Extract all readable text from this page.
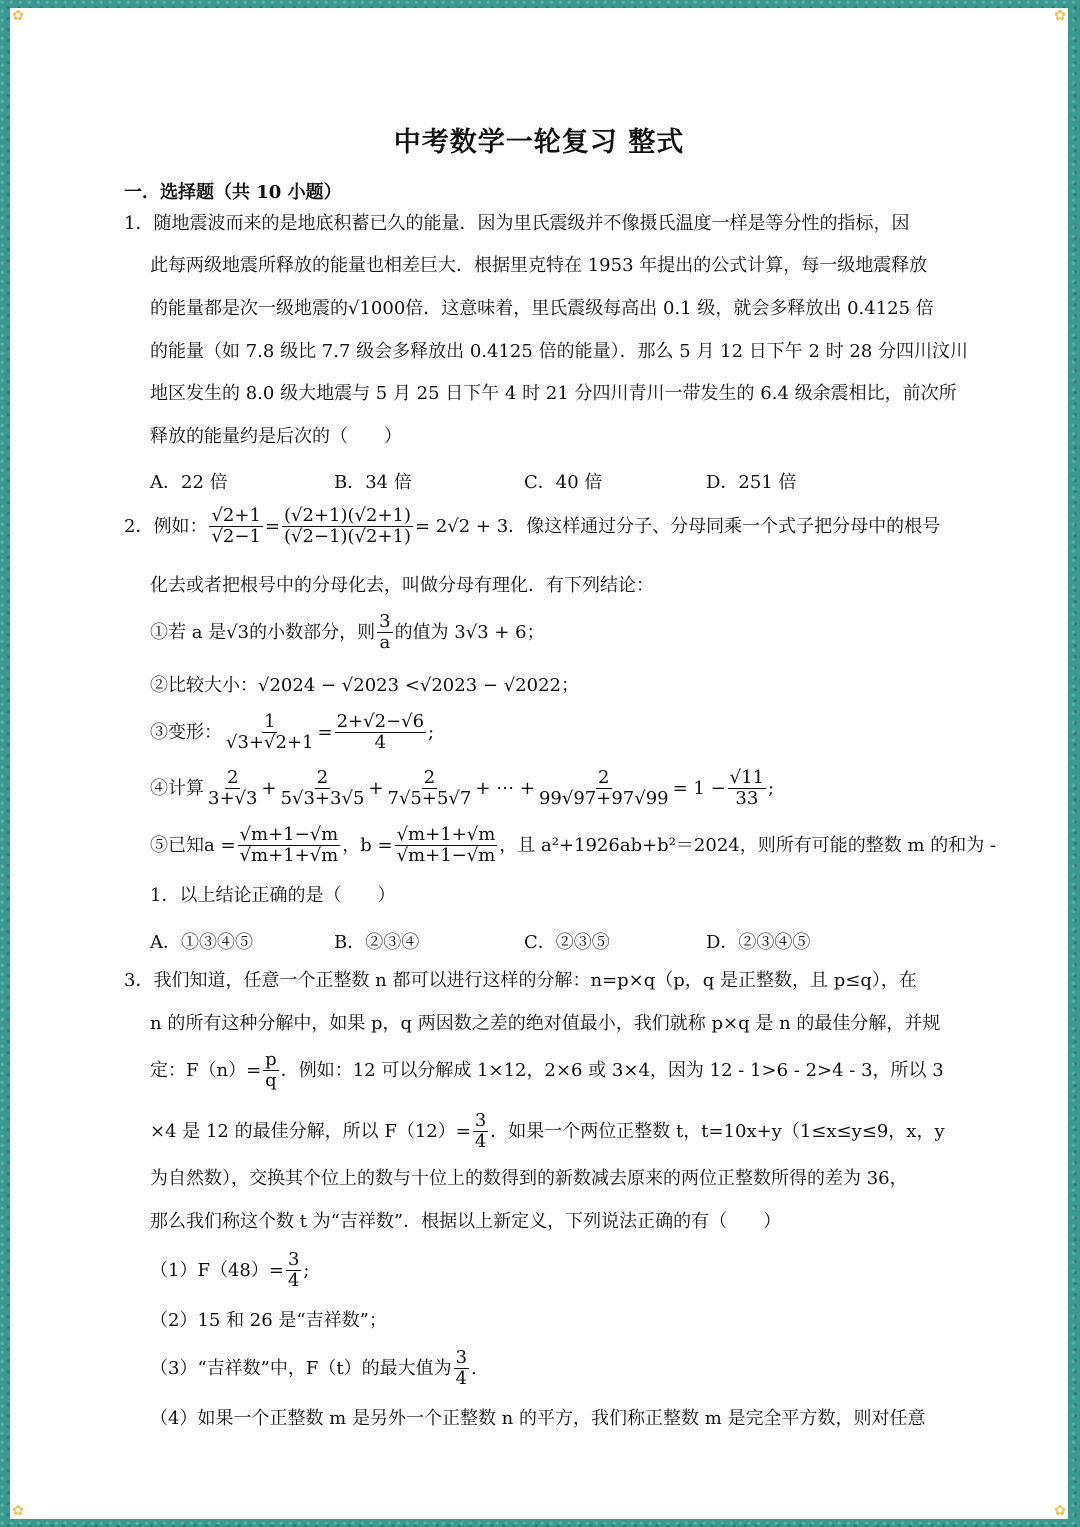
✿	✿
✿	✿
中考数学一轮复习 整式
一．选择题（共 10 小题）
1．随地震波而来的是地底积蓄已久的能量．因为里氏震级并不像摄氏温度一样是等分性的指标，因
此每两级地震所释放的能量也相差巨大．根据里克特在 1953 年提出的公式计算，每一级地震释放
的能量都是次一级地震的√1000倍．这意味着，里氏震级每高出 0.1 级，就会多释放出 0.4125 倍
的能量（如 7.8 级比 7.7 级会多释放出 0.4125 倍的能量）．那么 5 月 12 日下午 2 时 28 分四川汶川
地区发生的 8.0 级大地震与 5 月 25 日下午 4 时 21 分四川青川一带发生的 6.4 级余震相比，前次所
释放的能量约是后次的（　　）
A．22 倍	B．34 倍	C．40 倍	D．251 倍
2．例如： $\frac{√2+1}{√2-1} = \frac{(√2+1)(√2+1)}{(√2-1)(√2+1)} = 2√2 + 3$．像这样通过分子、分母同乘一个式子把分母中的根号
化去或者把根号中的分母化去，叫做分母有理化．有下列结论：
①若 a 是√3的小数部分，则 $\frac{3}{a}$ 的值为 3√3 + 6；
②比较大小：√2024 − √2023 <√2023 − √2022；
③变形： $\frac{1}{√3+√2+1} = \frac{2+√2-√6}{4}$ ;
④计算 $\frac{2}{3+√3} + \frac{2}{5√3+3√5} + \frac{2}{7√5+5√7}$ + ⋯ + $\frac{2}{99√97+97√99} = 1 - \frac{√11}{33}$ ;
⑤已知$a = \frac{√m+1-√m}{√m+1+√m}$ ，$b = \frac{√m+1+√m}{√m+1-√m}$ ，且 a²+1926ab+b²＝2024，则所有可能的整数 m 的和为 -
1．以上结论正确的是（　　）
A．①③④⑤	B．②③④	C．②③⑤	D．②③④⑤
3．我们知道，任意一个正整数 n 都可以进行这样的分解：n=p×q（p，q 是正整数，且 p≤q），在
n 的所有这种分解中，如果 p，q 两因数之差的绝对值最小，我们就称 p×q 是 n 的最佳分解，并规
定：$F(n)= \frac{p}{q}$ ．例如：12 可以分解成 1×12，2×6 或 3×4，因为 12 - 1>6 - 2>4 - 3，所以 3
×4 是 12 的最佳分解，所以 $F(12)= \frac{3}{4}$ ．如果一个两位正整数 t，t=10x+y（1≤x≤y≤9，x，y
为自然数），交换其个位上的数与十位上的数得到的新数减去原来的两位正整数所得的差为 36，
那么我们称这个数 t 为“吉祥数”．根据以上新定义，下列说法正确的有（　　）
$(1)F(48)= \frac{3}{4}$ ;
（2）15 和 26 是“吉祥数”；
（3）“吉祥数”中，F（t）的最大值为 $\frac{3}{4}$ .
（4）如果一个正整数 m 是另外一个正整数 n 的平方，我们称正整数 m 是完全平方数，则对任意
